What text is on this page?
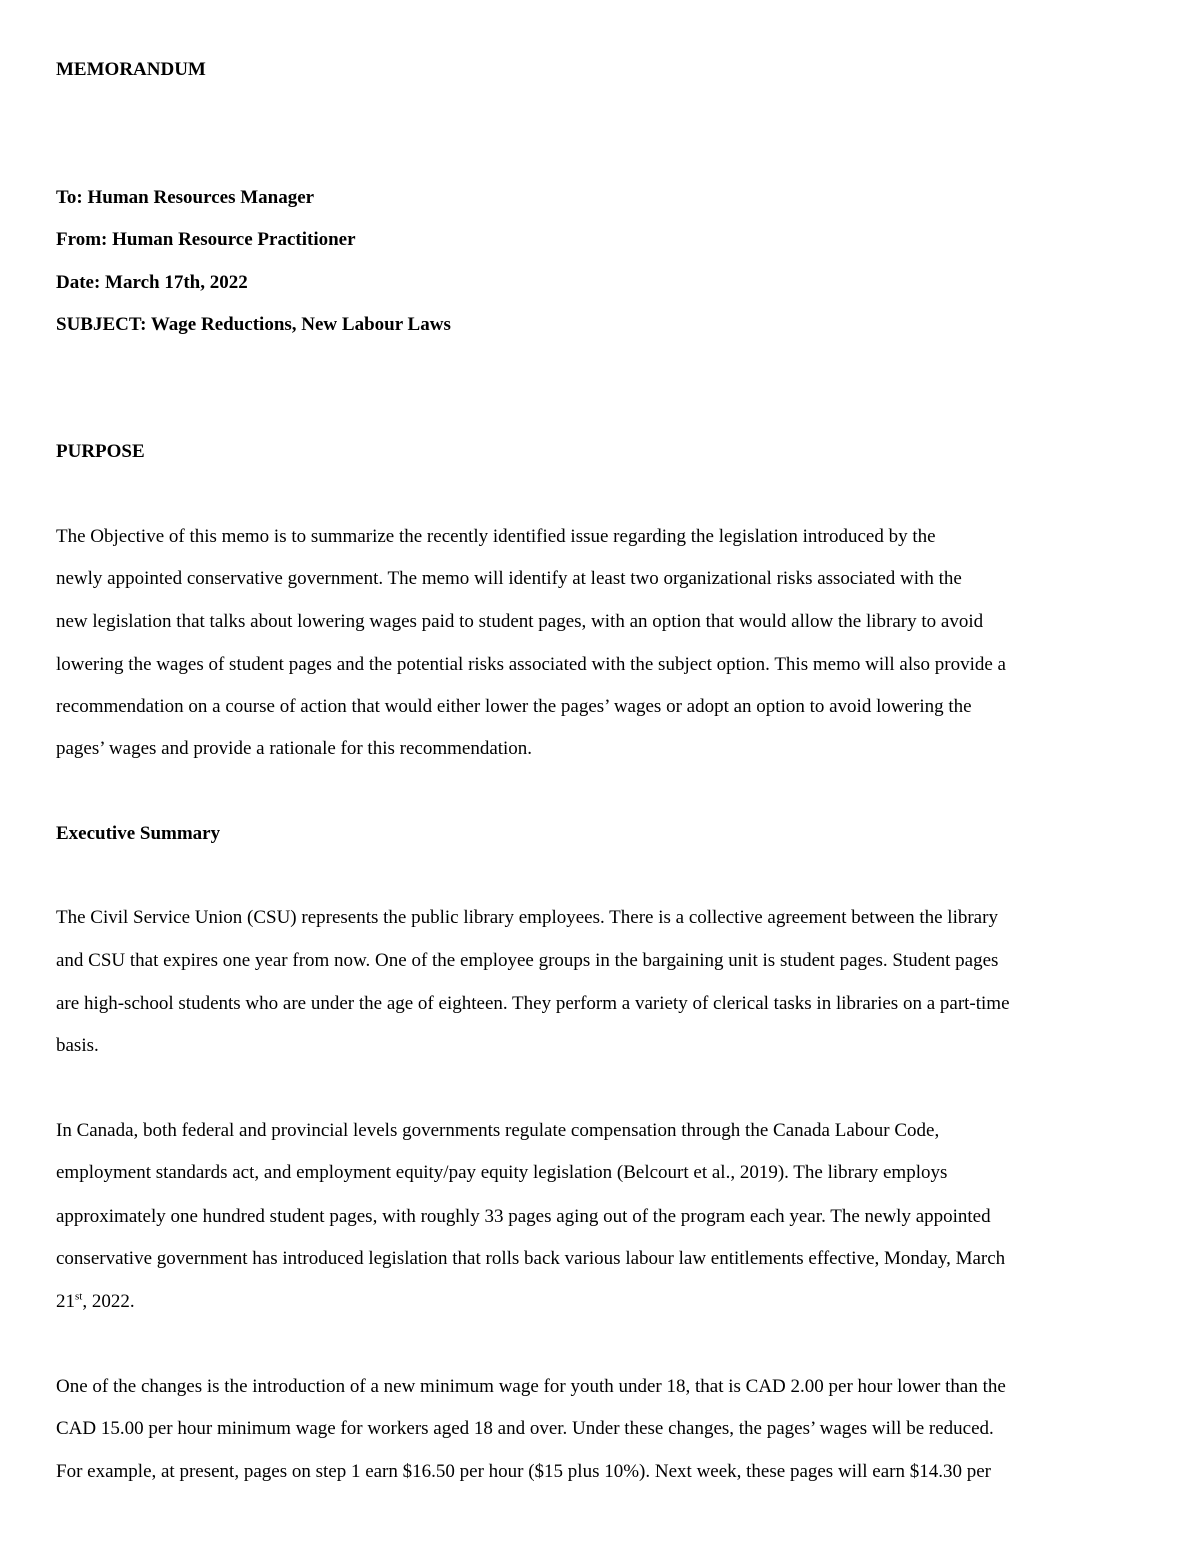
MEMORANDUM
To: Human Resources Manager
From: Human Resource Practitioner
Date: March 17th, 2022
SUBJECT: Wage Reductions, New Labour Laws
PURPOSE
The Objective of this memo is to summarize the recently identified issue regarding the legislation introduced by the
newly appointed conservative government. The memo will identify at least two organizational risks associated with the
new legislation that talks about lowering wages paid to student pages, with an option that would allow the library to avoid
lowering the wages of student pages and the potential risks associated with the subject option. This memo will also provide a
recommendation on a course of action that would either lower the pages’ wages or adopt an option to avoid lowering the
pages’ wages and provide a rationale for this recommendation.
Executive Summary
The Civil Service Union (CSU) represents the public library employees. There is a collective agreement between the library
and CSU that expires one year from now. One of the employee groups in the bargaining unit is student pages. Student pages
are high-school students who are under the age of eighteen. They perform a variety of clerical tasks in libraries on a part-time
basis.
In Canada, both federal and provincial levels governments regulate compensation through the Canada Labour Code,
employment standards act, and employment equity/pay equity legislation (Belcourt et al., 2019). The library employs
approximately one hundred student pages, with roughly 33 pages aging out of the program each year. The newly appointed
conservative government has introduced legislation that rolls back various labour law entitlements effective, Monday, March
21st, 2022.
One of the changes is the introduction of a new minimum wage for youth under 18, that is CAD 2.00 per hour lower than the
CAD 15.00 per hour minimum wage for workers aged 18 and over. Under these changes, the pages’ wages will be reduced.
For example, at present, pages on step 1 earn $16.50 per hour ($15 plus 10%). Next week, these pages will earn $14.30 per
